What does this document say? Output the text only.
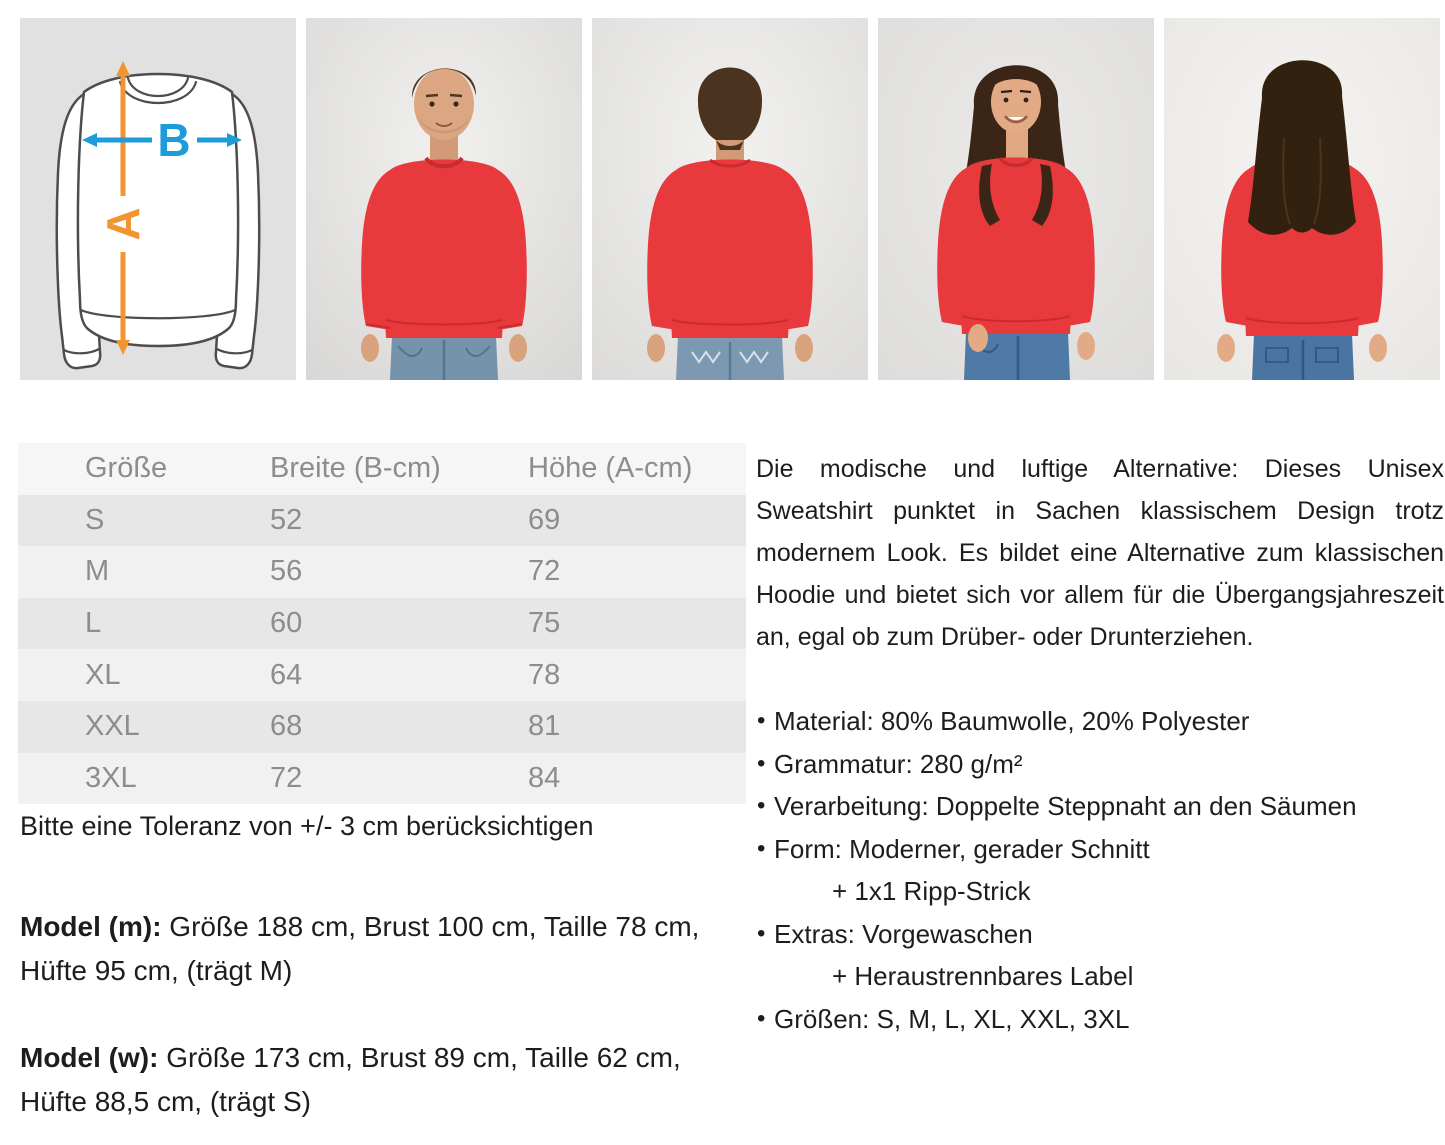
A
B
Größe	Breite (B-cm)	Höhe (A-cm)
S	52	69
M	56	72
L	60	75
XL	64	78
XXL	68	81
3XL	72	84

Bitte eine Toleranz von +/- 3 cm berücksichtigen

Model (m): Größe 188 cm, Brust 100 cm, Taille 78 cm, Hüfte 95 cm, (trägt M)

Model (w): Größe 173 cm, Brust 89 cm, Taille 62 cm, Hüfte 88,5 cm, (trägt S)

Die modische und luftige Alternative: Dieses Unisex Sweatshirt punktet in Sachen klassischem Design trotz modernem Look. Es bildet eine Alternative zum klassischen Hoodie und bietet sich vor allem für die Übergangsjahreszeit an, egal ob zum Drüber- oder Drunterziehen.

• Material: 80% Baumwolle, 20% Polyester
• Grammatur: 280 g/m²
• Verarbeitung: Doppelte Steppnaht an den Säumen
• Form: Moderner, gerader Schnitt
+ 1x1 Ripp-Strick
• Extras: Vorgewaschen
+ Heraustrennbares Label
• Größen: S, M, L, XL, XXL, 3XL
